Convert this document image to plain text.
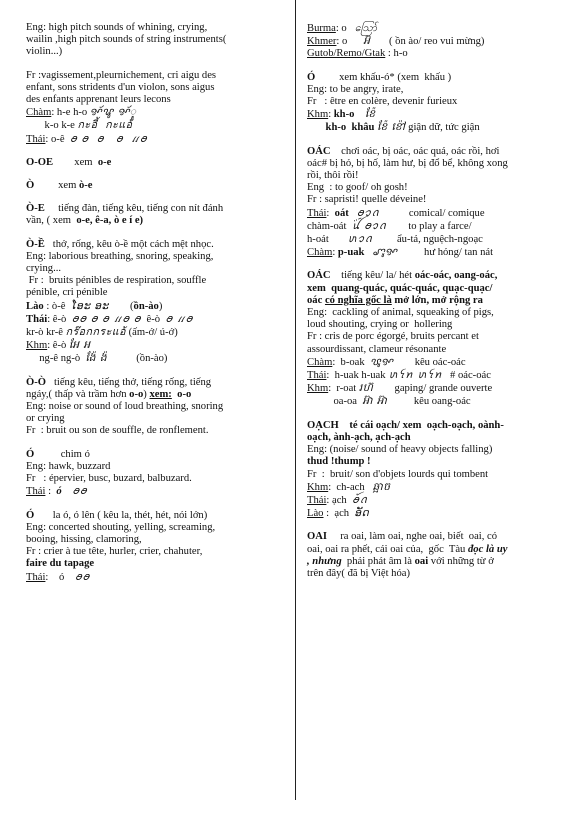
Eng: high pitch sounds of whining, crying,
wailin ,high pitch sounds of string instruments(
violin...)
Fr :vagissement,pleurnichement, cri aigu des
enfant, sons stridents d'un violon, sons aigus
des enfants apprenant leurs lecons
Chàm: h-e h-o ꨀꨮꨥ ꨀꨮꨶ
k-o k-e กะอี้  กะแอ้
Thái: o-ê  ꪮ ꪮ  ꪮ   ꪮ  ꪵꪮ
O-OE        xem  o-e
Ò         xem ò-e
Ò-E     tiếng đàn, tiếng kêu, tiếng con nít đánh
vần, ( xem  o-e, ê-a, ò e í e)
Ò-Ề   thở, rống, kêu ò-ề một cách mệt nhọc.
Eng: laborious breathing, snoring, speaking,
crying...
Fr :  bruits pénibles de respiration, souffle
pénible, cri pénible
Lào : ò-ê  ໂອະ ອະ        (ồn-ào)
Thái: ê-ò  ꪮꪮ ꪮ ꪮ ꪵꪮ ꪮ  ê-ò  ꪮ ꪵꪮ
kr-ò kr-ê กร๊อกกระแอ้ (ấm-ớ/ ú-ớ)
Khm: ê-ò អែ អ
ng-ê ng-ò  ង៉ែ ង៉           (ồn-ào)
Ò-Ò   tiếng kêu, tiếng thở, tiếng rống, tiếng
ngáy,( thấp và trầm hơn o-o) xem: o-o
Eng: noise or sound of loud breathing, snoring
or crying
Fr  : bruit ou son de souffle, de ronflement.
Ó          chim ó
Eng: hawk, buzzard
Fr   : épervier, busc, buzard, balbuzard.
Thái :  ó ꪮꪮ
Ó       la ó, ó lên ( kêu la, thét, hét, nói lớn)
Eng: concerted shouting, yelling, screaming,
booing, hissing, clamoring,
Fr : crier à tue tête, hurler, crier, chahuter,
faire du tapage
Thái:    ó    ꪮꪮ
Burma: o   ဪ
Khmer: o      អ៊       ( ồn ào/ reo vui mừng)
Gutob/Remo/Gtak : h-o
Ó         xem khấu-ó* (xem  khấu )
Eng: to be angry, irate,
Fr   : être en colère, devenir furieux
Khm: kh-o ខ៉ែ
kh-o  khâu ខ៉ែ ខ៉ៅ giận dữ, tức giận
OÁC    chơi oác, bị oác, oác quá, oác rồi, hơi
oác# bị hỏ, bị hố, làm hư, bị đổ bể, không xong
rồi, thôi rồi!
Eng  : to goof/ oh gosh!
Fr : sapristi! quelle déveine!
Thái:  oát ꪮꪫꪒ           comical/ comique
chàm-oát  ꪊꪾ ꪮꪫꪒ        to play a farce/
h-oát       ꪬꪫꪒ         ẩu-tả, nguệch-ngoạc
Chàm: p-uak ꨚꨶꨀ          hư hỏng/ tan nát
OÁC    tiếng kêu/ la/ hét oác-oác, oang-oác,
xem  quang-quác, quác-quác, quạc-quạc/
oác có nghĩa gốc là mở lớn, mở rộng ra
Eng:  cackling of animal, squeaking of pigs,
loud shouting, crying or  hollering
Fr : cris de porc égorgé, bruits percant et
assourdissant, clameur résonante
Chàm:  b-oak  ꨝꨶꨀ        kêu oác-oác
Thái:  h-uak h-uak ꪬꪺꪀ ꪬꪺꪀ   # oác-oác
Khm:  r-oat រហ៊        gaping/ grande ouverte
oa-oa  អ៊ា អ៊ា          kêu oang-oác
OẠCH té cái oạch/ xem  oạch-oạch, oành-
oạch, ành-ạch, ạch-ạch
Eng: (noise/ sound of heavy objects falling)
thud !thump !
Fr  :  bruit/ son d'objets lourds qui tombent
Khm:  ch-ach   ឆ្អាច
Thái: ạch  ꪮꪰꪒ
Lào :  ạch  ອັດ
OAI     ra oai, làm oai, nghe oai, biết  oai, có
oai, oai ra phết, cái oai của,  gốc  Tàu đọc là uy
, nhưng  phải phát âm là oai với những từ ở
trên đây( đã bị Việt hóa)
